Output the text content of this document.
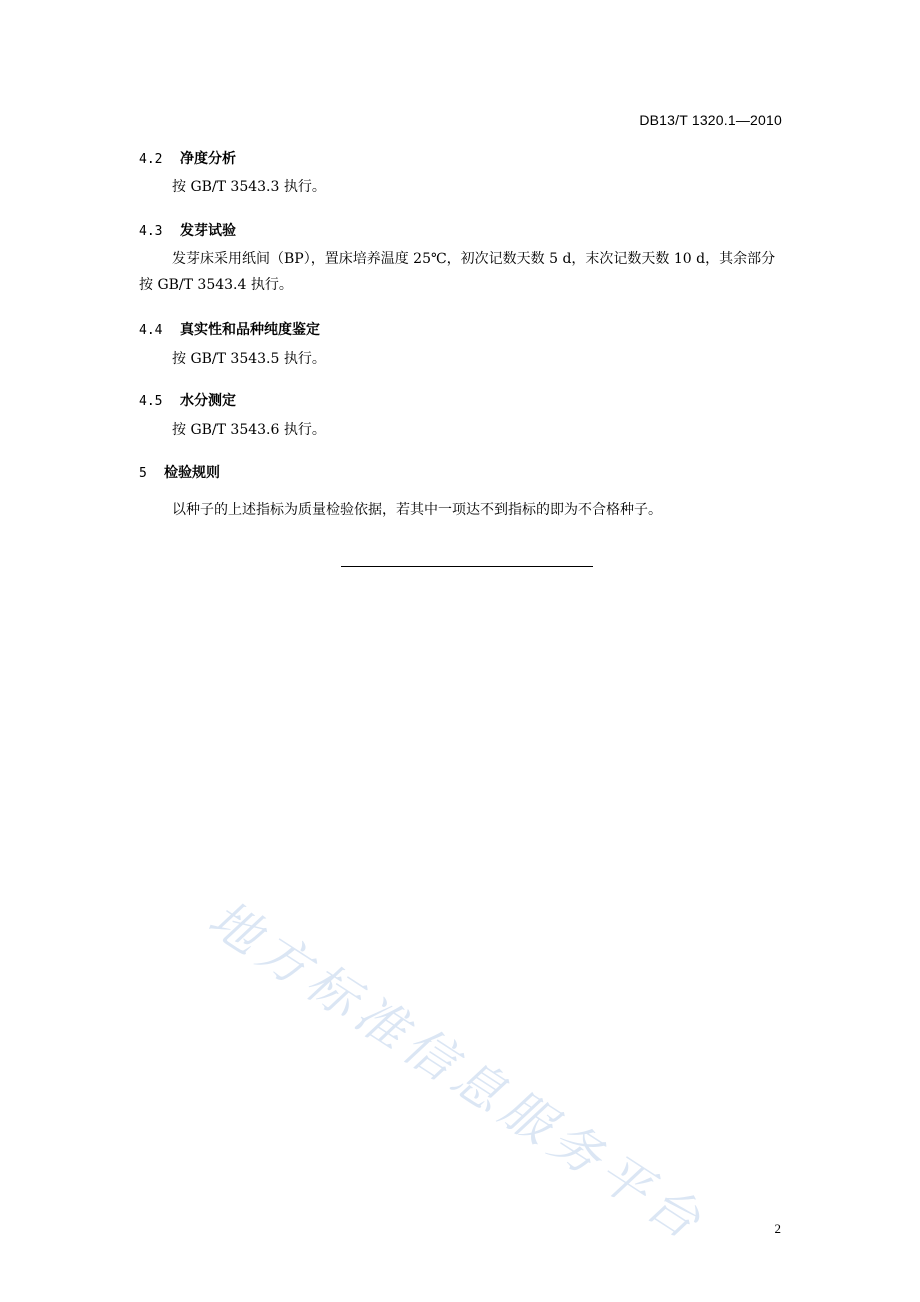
DB13/T 1320.1—2010
4.2 净度分析
按 GB/T 3543.3 执行。
4.3 发芽试验
发芽床采用纸间（BP），置床培养温度 25℃，初次记数天数 5 d，末次记数天数 10 d，其余部分按 GB/T 3543.4 执行。
4.4 真实性和品种纯度鉴定
按 GB/T 3543.5 执行。
4.5 水分测定
按 GB/T 3543.6 执行。
5 检验规则
以种子的上述指标为质量检验依据，若其中一项达不到指标的即为不合格种子。
地方标准信息服务平台	2
